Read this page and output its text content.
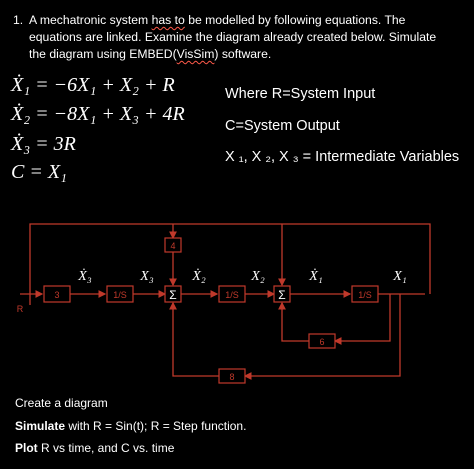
1. A mechatronic system has to be modelled by following equations. The
equations are linked. Examine the diagram already created below. Simulate
the diagram using EMBED(VisSim) software.
Ẋ₁ = −6X₁ + X₂ + R
Ẋ₂ = −8X₁ + X₃ + 4R
Ẋ₃ = 3R
C = X₁
Where R=System Input
C=System Output
X ₁, X ₂, X ₃ = Intermediate Variables
3	1/S	1/S	1/S
4
6
8
R
Σ	Σ
Ẋ₃	X₃	Ẋ₂	X₂	Ẋ₁	X₁
Create a diagram
Simulate with R = Sin(t); R = Step function.
Plot R vs time, and C vs. time
